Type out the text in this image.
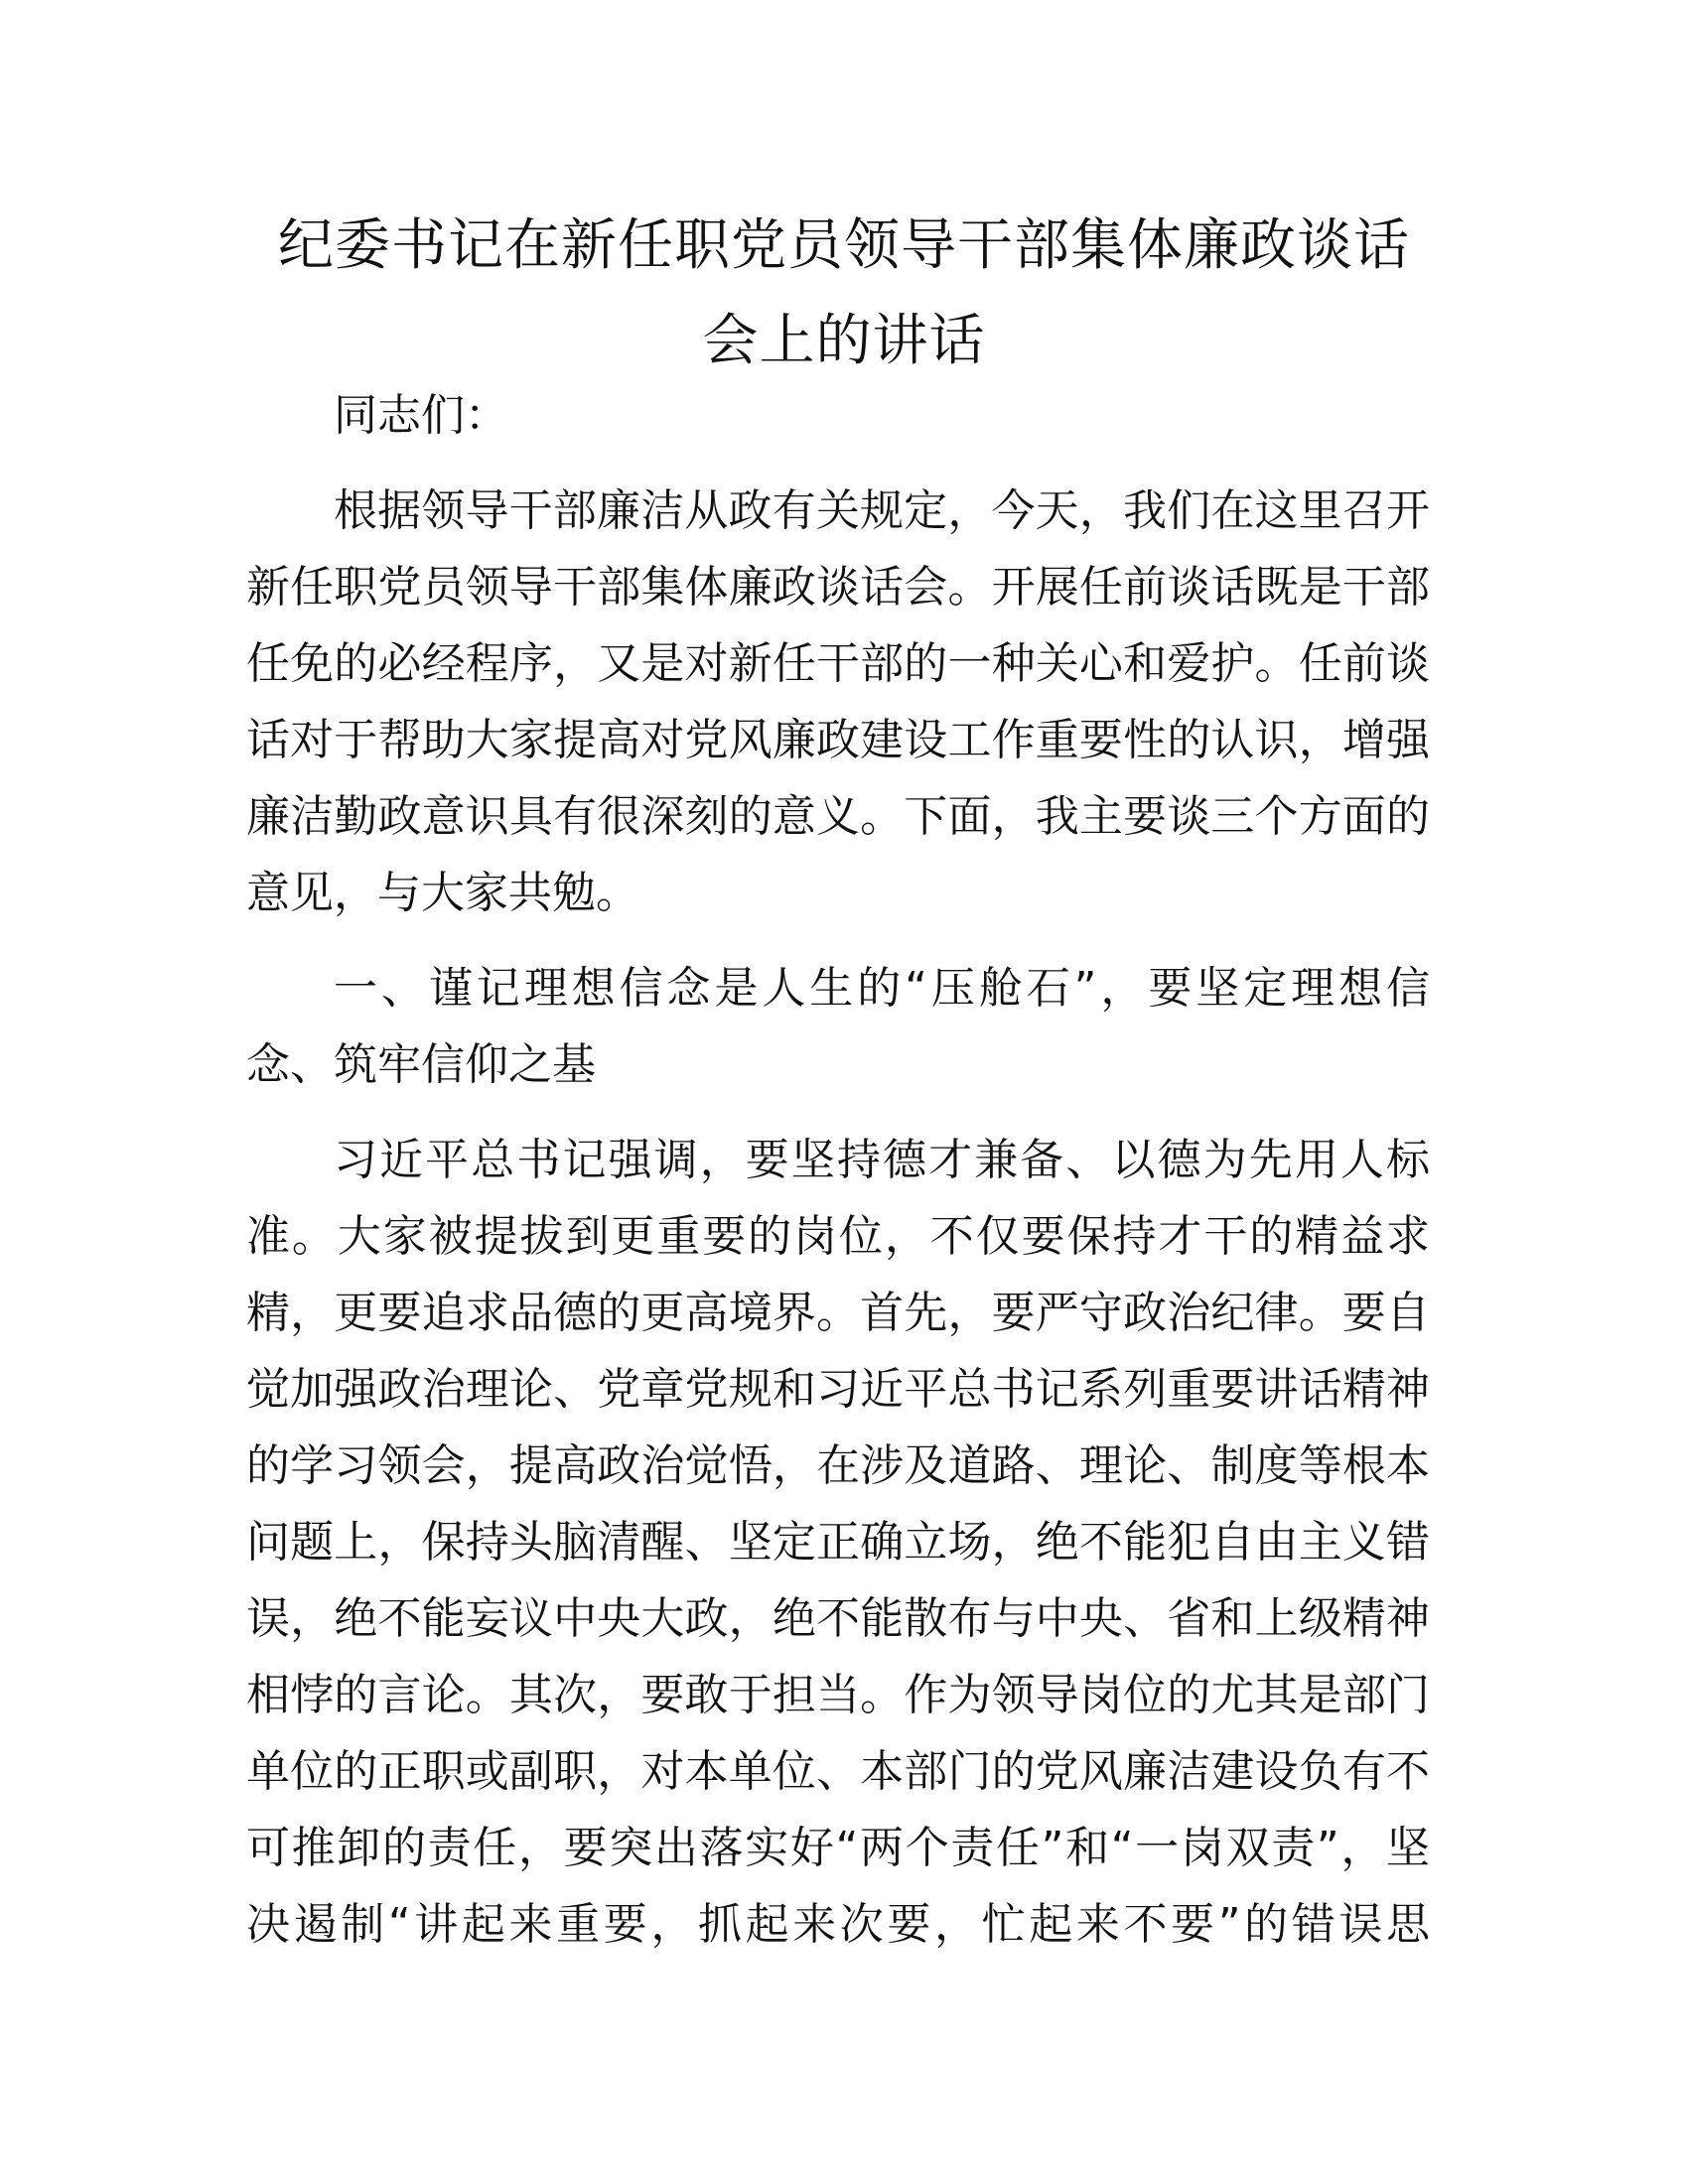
纪委书记在新任职党员领导干部集体廉政谈话
会上的讲话

同志们：

根据领导干部廉洁从政有关规定，今天，我们在这里召开
新任职党员领导干部集体廉政谈话会。开展任前谈话既是干部
任免的必经程序，又是对新任干部的一种关心和爱护。任前谈
话对于帮助大家提高对党风廉政建设工作重要性的认识，增强
廉洁勤政意识具有很深刻的意义。下面，我主要谈三个方面的
意见，与大家共勉。

一、谨记理想信念是人生的“压舱石”，要坚定理想信
念、筑牢信仰之基

习近平总书记强调，要坚持德才兼备、以德为先用人标
准。大家被提拔到更重要的岗位，不仅要保持才干的精益求
精，更要追求品德的更高境界。首先，要严守政治纪律。要自
觉加强政治理论、党章党规和习近平总书记系列重要讲话精神
的学习领会，提高政治觉悟，在涉及道路、理论、制度等根本
问题上，保持头脑清醒、坚定正确立场，绝不能犯自由主义错
误，绝不能妄议中央大政，绝不能散布与中央、省和上级精神
相悖的言论。其次，要敢于担当。作为领导岗位的尤其是部门
单位的正职或副职，对本单位、本部门的党风廉洁建设负有不
可推卸的责任，要突出落实好“两个责任”和“一岗双责”，坚
决遏制“讲起来重要，抓起来次要，忙起来不要”的错误思
